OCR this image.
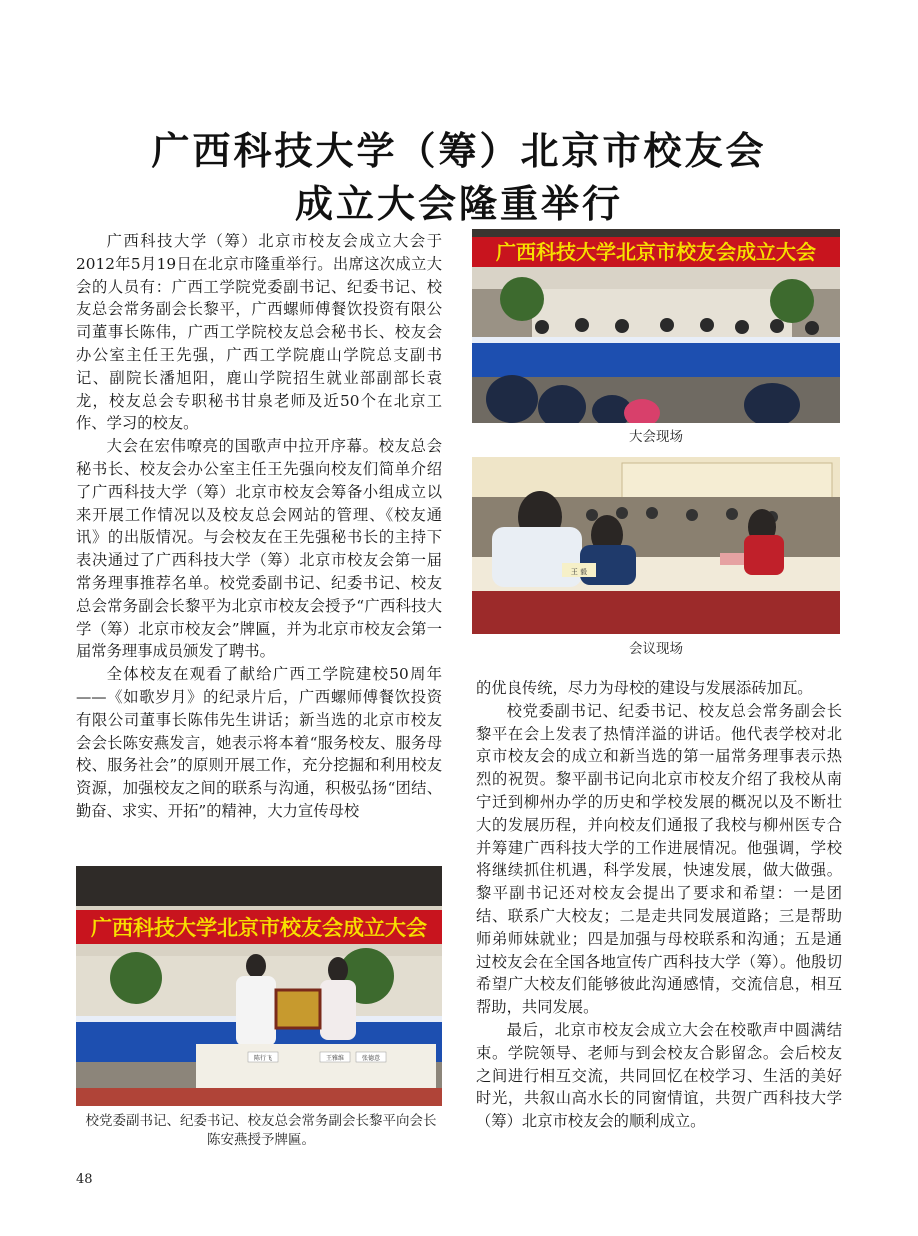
广西科技大学（筹）北京市校友会
成立大会隆重举行

广西科技大学（筹）北京市校友会成立大会于2012年5月19日在北京市隆重举行。出席这次成立大会的人员有：广西工学院党委副书记、纪委书记、校友总会常务副会长黎平，广西螺师傅餐饮投资有限公司董事长陈伟，广西工学院校友总会秘书长、校友会办公室主任王先强，广西工学院鹿山学院总支副书记、副院长潘旭阳，鹿山学院招生就业部副部长袁龙，校友总会专职秘书甘泉老师及近50个在北京工作、学习的校友。

大会在宏伟嘹亮的国歌声中拉开序幕。校友总会秘书长、校友会办公室主任王先强向校友们简单介绍了广西科技大学（筹）北京市校友会筹备小组成立以来开展工作情况以及校友总会网站的管理、《校友通讯》的出版情况。与会校友在王先强秘书长的主持下表决通过了广西科技大学（筹）北京市校友会第一届常务理事推荐名单。校党委副书记、纪委书记、校友总会常务副会长黎平为北京市校友会授予“广西科技大学（筹）北京市校友会”牌匾，并为北京市校友会第一届常务理事成员颁发了聘书。

全体校友在观看了献给广西工学院建校50周年——《如歌岁月》的纪录片后，广西螺师傅餐饮投资有限公司董事长陈伟先生讲话；新当选的北京市校友会会长陈安燕发言，她表示将本着“服务校友、服务母校、服务社会”的原则开展工作，充分挖掘和利用校友资源，加强校友之间的联系与沟通，积极弘扬“团结、勤奋、求实、开拓”的精神，大力宣传母校

的优良传统，尽力为母校的建设与发展添砖加瓦。

校党委副书记、纪委书记、校友总会常务副会长黎平在会上发表了热情洋溢的讲话。他代表学校对北京市校友会的成立和新当选的第一届常务理事表示热烈的祝贺。黎平副书记向北京市校友介绍了我校从南宁迁到柳州办学的历史和学校发展的概况以及不断壮大的发展历程，并向校友们通报了我校与柳州医专合并筹建广西科技大学的工作进展情况。他强调，学校将继续抓住机遇，科学发展，快速发展，做大做强。黎平副书记还对校友会提出了要求和希望：一是团结、联系广大校友；二是走共同发展道路；三是帮助师弟师妹就业；四是加强与母校联系和沟通；五是通过校友会在全国各地宣传广西科技大学（筹）。他殷切希望广大校友们能够彼此沟通感情，交流信息，相互帮助，共同发展。

最后，北京市校友会成立大会在校歌声中圆满结束。学院领导、老师与到会校友合影留念。会后校友之间进行相互交流，共同回忆在校学习、生活的美好时光，共叙山高水长的同窗情谊，共贺广西科技大学（筹）北京市校友会的顺利成立。

广西科技大学北京市校友会成立大会
大会现场
王 毅
会议现场
广西科技大学北京市校友会成立大会
陈行飞	王雅维	张德意
校党委副书记、纪委书记、校友总会常务副会长黎平向会长陈安燕授予牌匾。
48
